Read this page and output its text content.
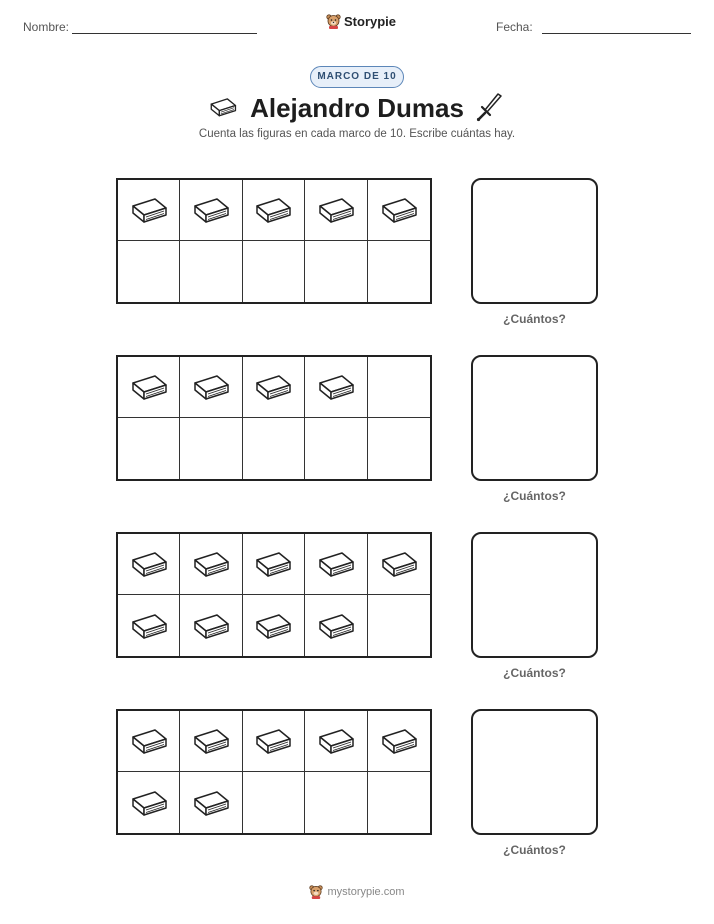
Nombre:	Storypie	Fecha:
MARCO DE 10
Alejandro Dumas
Cuenta las figuras en cada marco de 10. Escribe cuántas hay.
¿Cuántos?
¿Cuántos?
¿Cuántos?
¿Cuántos?
mystorypie.com
